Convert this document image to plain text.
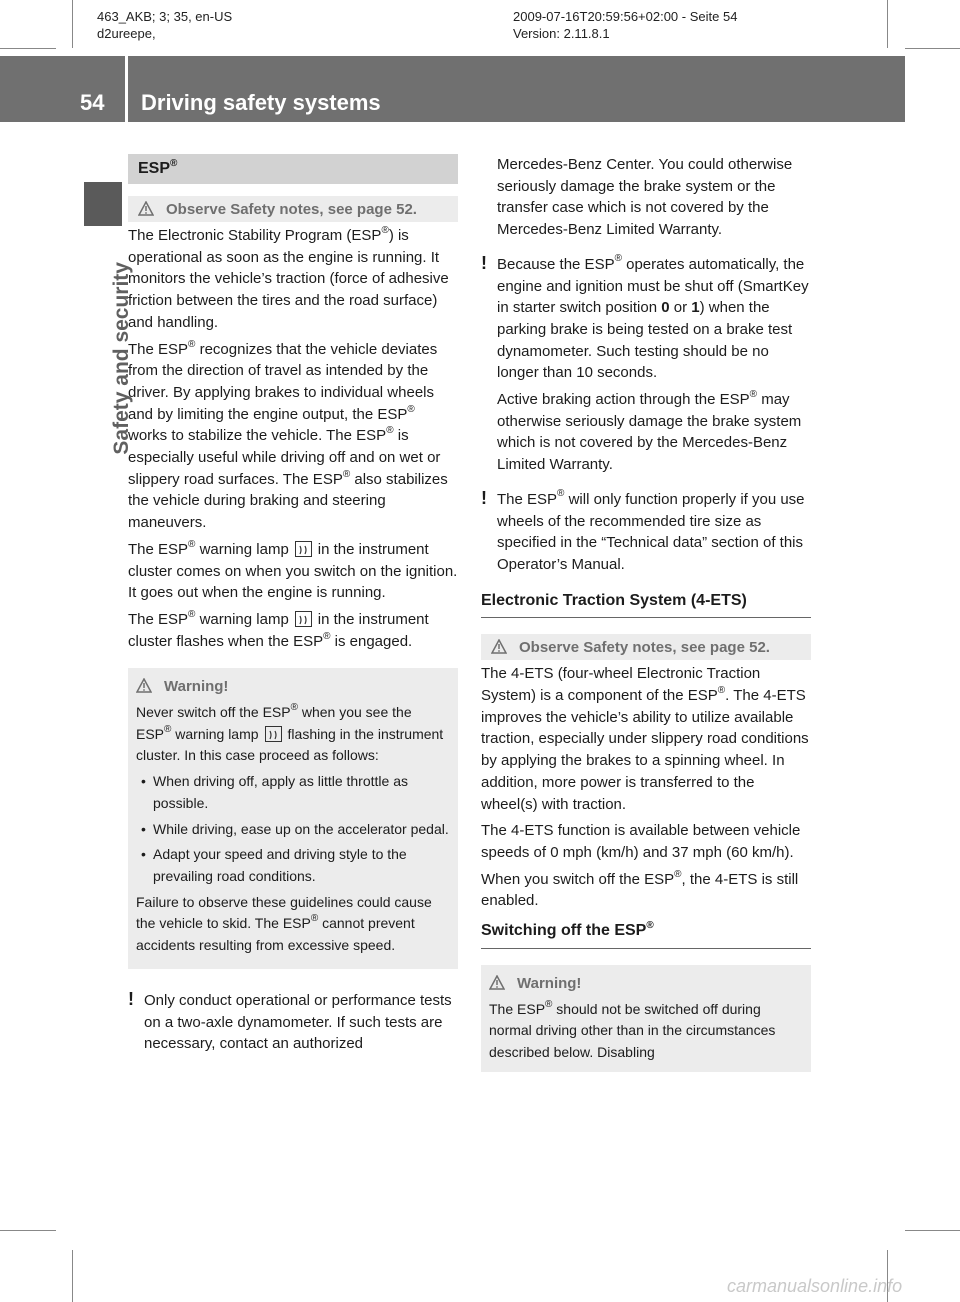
463_AKB; 3; 35, en-US
d2ureepe,
2009-07-16T20:59:56+02:00 - Seite 54
Version: 2.11.8.1
54 Driving safety systems
Safety and security
ESP®
Observe Safety notes, see page 52.

The Electronic Stability Program (ESP®) is operational as soon as the engine is running. It monitors the vehicle’s traction (force of adhesive friction between the tires and the road surface) and handling.

The ESP® recognizes that the vehicle deviates from the direction of travel as intended by the driver. By applying brakes to individual wheels and by limiting the engine output, the ESP® works to stabilize the vehicle. The ESP® is especially useful while driving off and on wet or slippery road surfaces. The ESP® also stabilizes the vehicle during braking and steering maneuvers.

The ESP® warning lamp in the instrument cluster comes on when you switch on the ignition. It goes out when the engine is running.

The ESP® warning lamp in the instrument cluster flashes when the ESP® is engaged.

Warning!

Never switch off the ESP® when you see the ESP® warning lamp flashing in the instrument cluster. In this case proceed as follows:

• When driving off, apply as little throttle as possible.

• While driving, ease up on the accelerator pedal.

• Adapt your speed and driving style to the prevailing road conditions.

Failure to observe these guidelines could cause the vehicle to skid. The ESP® cannot prevent accidents resulting from excessive speed.

! Only conduct operational or performance tests on a two-axle dynamometer. If such tests are necessary, contact an authorized

Mercedes-Benz Center. You could otherwise seriously damage the brake system or the transfer case which is not covered by the Mercedes-Benz Limited Warranty.

! Because the ESP® operates automatically, the engine and ignition must be shut off (SmartKey in starter switch position 0 or 1) when the parking brake is being tested on a brake test dynamometer. Such testing should be no longer than 10 seconds.

Active braking action through the ESP® may otherwise seriously damage the brake system which is not covered by the Mercedes-Benz Limited Warranty.

! The ESP® will only function properly if you use wheels of the recommended tire size as specified in the “Technical data” section of this Operator’s Manual.

Electronic Traction System (4-ETS)
Observe Safety notes, see page 52.

The 4-ETS (four-wheel Electronic Traction System) is a component of the ESP®. The 4-ETS improves the vehicle’s ability to utilize available traction, especially under slippery road conditions by applying the brakes to a spinning wheel. In addition, more power is transferred to the wheel(s) with traction.

The 4-ETS function is available between vehicle speeds of 0 mph (km/h) and 37 mph (60 km/h).

When you switch off the ESP®, the 4-ETS is still enabled.

Switching off the ESP®
Warning!

The ESP® should not be switched off during normal driving other than in the circumstances described below. Disabling

carmanualsonline.info
